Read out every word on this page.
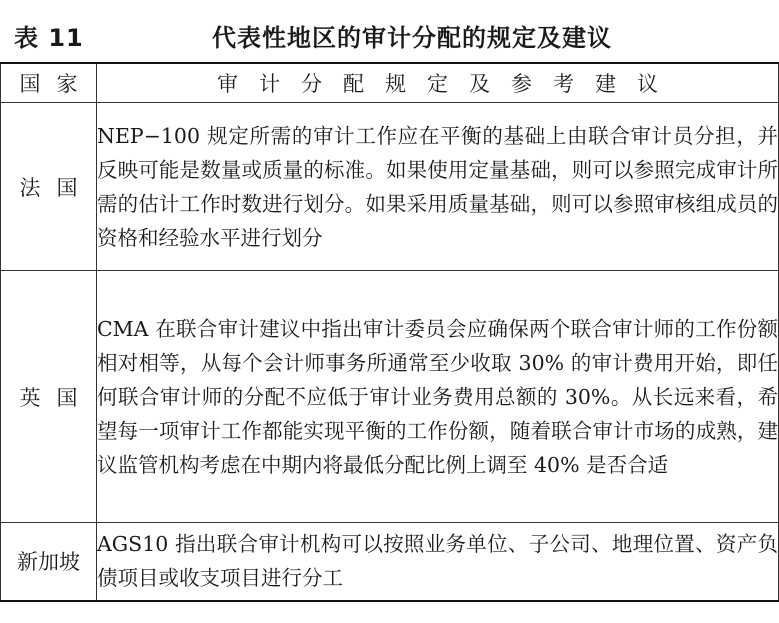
表 11	代表性地区的审计分配的规定及建议
国家	审计分配规定及参考建议
法国	NEP−100 规定所需的审计工作应在平衡的基础上由联合审计员分担，并反映可能是数量或质量的标准。如果使用定量基础，则可以参照完成审计所需的估计工作时数进行划分。如果采用质量基础，则可以参照审核组成员的资格和经验水平进行划分
英国	CMA 在联合审计建议中指出审计委员会应确保两个联合审计师的工作份额相对相等，从每个会计师事务所通常至少收取 30% 的审计费用开始，即任何联合审计师的分配不应低于审计业务费用总额的 30%。从长远来看，希望每一项审计工作都能实现平衡的工作份额，随着联合审计市场的成熟，建议监管机构考虑在中期内将最低分配比例上调至 40% 是否合适
新加坡	AGS10 指出联合审计机构可以按照业务单位、子公司、地理位置、资产负债项目或收支项目进行分工
